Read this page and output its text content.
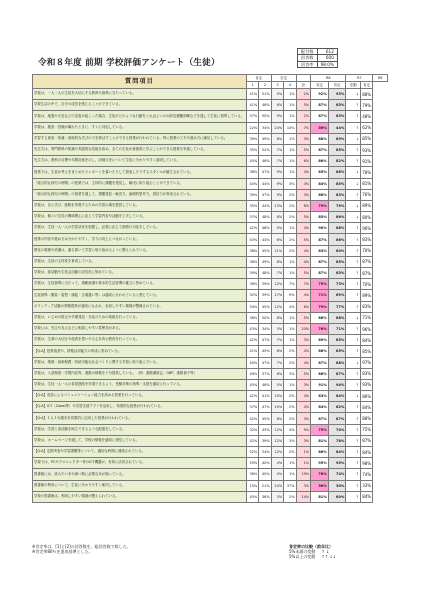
令和８年度 前期 学校評価アンケート（生徒）
配付数	612
回答数	600
回答率	98.0%
質問項目	肯定		否定			R8		R7		R6
	1	2	3	4	計	肯定	肯定	変動	肯定	
学校は、一人一人の生徒を大切にする教育や指導に当たっている。	41%	51%	5%	1%	2%	92%	93%	↓	88%	
学校生活の中で、自分の成長を感じることができている。	41%	46%	6%	1%	5%	87%	85%	↑	79%	
学校は、地震や火災などの災害が起こった場合、生徒がどのような行動をとればよいのか防災避難訓練などを通して生徒に指導している。	37%	50%	9%	1%	2%	87%	83%	↑	48%	
学校は、施設・設備が壊れたときに、すぐに対応している。	22%	34%	24%	14%	7%	56%	44%	↑	62%	
学習する意欲・知識・意欲的な学びの力を伸ばすことができる授業が行われている。特に授業の工夫や進め方に満足している。	39%	49%	8%	1%	3%	88%	89%	↓	85%	
先生方は、専門教科の知識や実践的な技能を高め、全ての生徒が意欲的に学ぶことができる授業を実施している。	35%	52%	7%	1%	5%	87%	85%	↑	93%	
先生方は、教科の目標や年間計画を示し、評価方法について生徒に分かりやすく説明している。	40%	46%	7%	1%	6%	86%	82%	↑	91%	
授業では、生徒が考えをまとめたりレポートを書いたりして発表したりするスタイルが確立されている。	38%	47%	9%	1%	4%	85%	86%	↓	78%	
「総合的な探究の時間」の授業では、主体的に課題を発見し、解決に取り組むことができている。	40%	44%	9%	3%	3%	84%	85%	↓	81%	
「総合的な探究の時間」の授業を通して、課題発見・解決力、論理的思考力、発信力が育成されている。	39%	47%	9%	2%	3%	86%	83%	↑	76%	
学校は、自ら学び、進路を実現するための学習の場を提供している。	35%	44%	13%	2%	6%	79%	79%	↓	89%	
学校は、個々の生徒の興味関心に応じて学習内容や活動を工夫している。	37%	48%	8%	2%	5%	85%	86%	↓	80%	
学校は、生徒一人一人の学習状況を把握し、必要に応じて個別の対応をしている。	42%	48%	5%	1%	4%	90%	88%	↑	96%	
授業の内容や進め方は分かりやすく、学力の向上につながっている。	43%	44%	6%	2%	5%	87%	86%	↑	83%	
教室の環境や設備は、落ち着いて学習に取り組めるように整えられている。	38%	45%	11%	2%	4%	83%	80%	↑	70%	
学校は、生徒の主体性を育成している。	38%	49%	8%	1%	4%	87%	85%	↑	87%	
学校は、部活動や生徒会活動の活性化に努めている。	39%	48%	7%	1%	5%	87%	83%	↑	87%	
学校は、生徒指導に当たって、規範意識や基本的生活習慣の確立に努めている。	36%	39%	12%	7%	7%	75%	73%	↑	70%	
生徒指導（服装・髪型・頭髪・言葉遣い等）は適切に行われていると感じている。	32%	39%	17%	9%	4%	71%	69%	↑	89%	
ボランティア活動の情報提供が適切になされ、参加しやすい環境が整備されている。	34%	45%	12%	4%	6%	79%	77%	↑	83%	
学校は、いじめの防止や早期発見・対応のための取組を行っている。	36%	50%	8%	1%	5%	86%	86%	↓	71%	
学校には、先生や友人などに相談しやすい雰囲気がある。	43%	34%	3%	1%	20%	76%	71%	↑	96%	
学校は、生命の大切さや他者を思いやる心を育む教育を行っている。	42%	47%	7%	1%	3%	89%	85%	↑	84%	
【Q:A】授業改善や、情報活用能力の育成に努めている。	41%	45%	8%	2%	4%	86%	85%	↑	85%	
学校は、環境・資源保護・持続可能な社会づくりに関する学習に取り組んでいる。	40%	47%	7%	2%	4%	87%	88%	↓	97%	
学校は、入試制度・学問内容等、進路の情報を十分提供している。（例：進路講演会、OBP、進路冊子等）	49%	37%	6%	3%	5%	86%	87%	↑	83%	
学校は、生徒一人一人の希望進路を実現できるよう、受験対策の指導・支援を適切に行っている。	45%	46%	5%	1%	3%	91%	94%	↑	93%	
【Q:A】英語によるコミュニケーション能力を高める授業を行っている。	42%	41%	10%	2%	4%	83%	84%	↓	86%	
【Q:A】ICT（Classi等）や学習支援アプリを活用し、効果的な授業が行われている。	37%	47%	10%	2%	4%	84%	82%	↑	84%	
【Q:A】１人１台端末を効果的に活用した授業が行われている。	42%	45%	8%	2%	3%	87%	87%	↑	88%	
学校は、学習と部活動を両立できるような配慮をしている。	32%	43%	12%	4%	9%	75%	70%	↑	75%	
学校は、ホームページを通して、学校の情報を適切に発信している。	42%	39%	12%	3%	3%	81%	78%	↑	87%	
【Q:A】定期考査や学習課題等について、適切な時期に連絡されている。	52%	34%	12%	2%	1%	86%	84%	↑	84%	
学校では、PCやプロジェクター等のICT機器が、有効に活用されている。	55%	40%	4%	1%	1%	95%	95%	↑	98%	
図書館には、読みたい本や調べ物に必要な本が揃っている。	36%	40%	4%	1%	19%	76%	74%	↑	74%	
図書館の利用について、生徒に分かりやすく案内している。	15%	21%	24%	37%	3%	36%	30%	↑	33%	
学校の図書館は、利用しやすい環境が整えられている。	45%	36%	3%	2%	14%	81%	80%	↑	84%	
※肯定率は、[1]と[2]の回答数を、総回答数で除した。
※肯定率80％を達成基準とした。
肯定率の比較（前年比）
5%未満の変動 ↑ ↓
5%以上の変動 ↑↑ ↓↓
